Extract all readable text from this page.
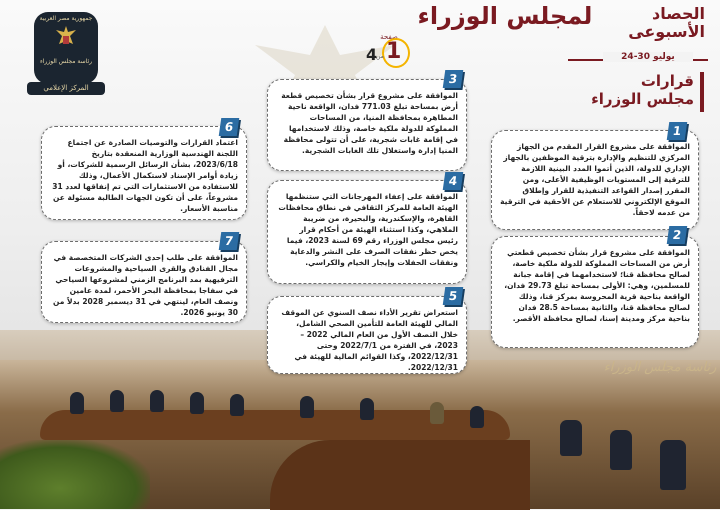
رئاسة مجلس الوزراء
الحصاد
الأسبوعى
لمجلس الوزراء
24-30 يوليو
قرارات
مجلس الوزراء
صفحة
1
من
4
جمهورية مصر العربية
رئاسة مجلس الوزراء
المركز الإعلامي

الموافقة على مشروع القرار المقدم من الجهاز المركزي للتنظيم والإدارة بترقية الموظفين بالجهاز الإداري للدولة، الذين أتموا المدد البينية اللازمة للترقية إلى المستويات الوظيفية الأعلى، ومن المقرر إصدار القواعد التنفيذية للقرار وإطلاق الموقع الإلكتروني للاستعلام عن الأحقية في الترقية من عدمه لاحقاً.

1

الموافقة على مشروع قرار بشأن تخصيص قطعتي أرض من المساحات المملوكة للدولة ملكية خاصة، لصالح محافظة قنا؛ لاستخدامهما في إقامة جبانة للمسلمين، وهي: الأولى بمساحة تبلغ 29.73 فدان، الواقعة بناحية قرية المحروسة بمركز قنا، وذلك لصالح محافظة قنا، والثانية بمساحة 28.5 فدان بناحية مركز ومدينة إسنا، لصالح محافظة الأقصر.

2

الموافقة على مشروع قرار بشأن تخصيص قطعة أرض بمساحة تبلغ 771.03 فدان، الواقعة ناحية المطاهرة بمحافظة المنيا، من المساحات المملوكة للدولة ملكية خاصة، وذلك لاستخدامها في إقامة غابات شجرية، على أن تتولى محافظة المنيا إدارة واستغلال تلك الغابات الشجرية.

3

الموافقة على إعفاء المهرجانات التي ستنظمها الهيئة العامة للمركز الثقافي في نطاق محافظات القاهرة، والإسكندرية، والبحيرة، من ضريبة الملاهي، وكذا استثناء الهيئة من أحكام قرار رئيس مجلس الوزراء رقم 69 لسنة 2023، فيما يخص حظر نفقات الصرف على النشر والدعاية ونفقات الحفلات وإيجار الخيام والكراسي.

4

استعراض تقرير الأداء نصف السنوي عن الموقف المالي للهيئة العامة للتأمين الصحي الشامل، خلال النصف الأول من العام المالي 2022 – 2023، في الفترة من 2022/7/1 وحتى 2022/12/31، وكذا القوائم المالية للهيئة في 2022/12/31.

5

اعتماد القرارات والتوصيات الصادرة عن اجتماع اللجنة الهندسية الوزارية المنعقدة بتاريخ 2023/6/18، بشأن الرسائل الرسمية للشركات، أو زيادة أوامر الإسناد لاستكمال الأعمال، وذلك للاستفادة من الاستثمارات التي تم إنفاقها لعدد 31 مشروعاً، على أن تكون الجهات الطالبة مسئولة عن مناسبة الأسعار.

6

الموافقة على طلب إحدى الشركات المتخصصة في مجال الفنادق والقرى السياحية والمشروعات الترفيهية بمد البرنامج الزمني لمشروعها السياحي في سفاجا بمحافظة البحر الأحمر، لمدة عامين ونصف العام، لينتهي في 31 ديسمبر 2028 بدلاً من 30 يونيو 2026.

7
